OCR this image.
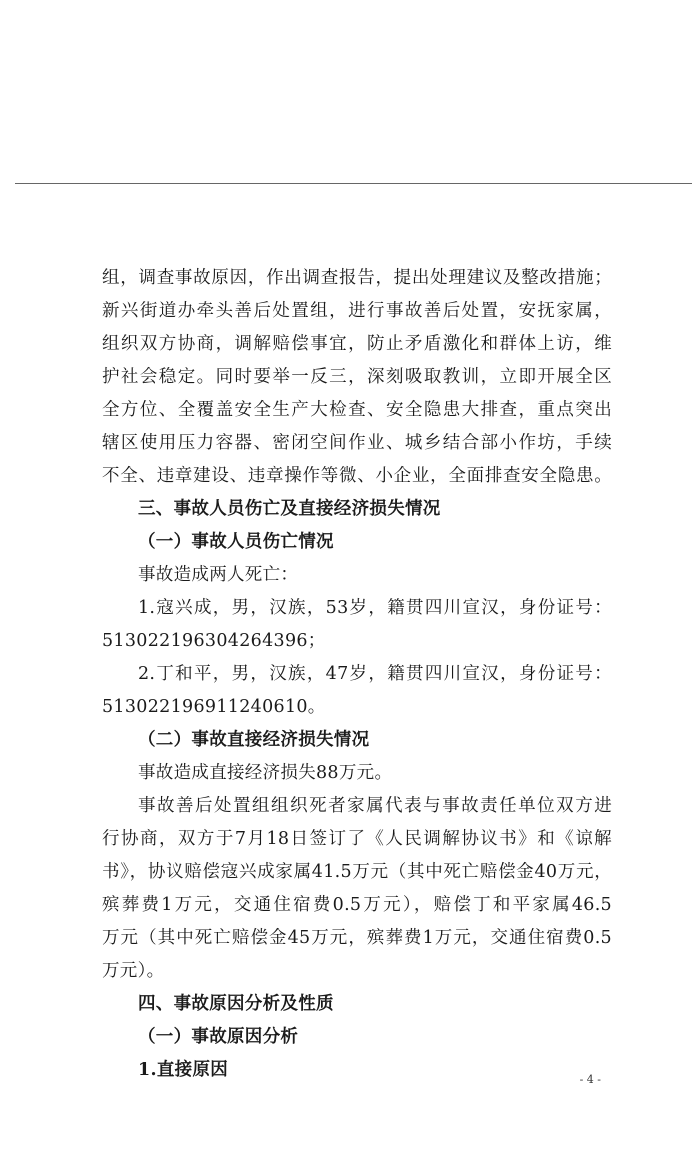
组，调查事故原因，作出调查报告，提出处理建议及整改措施；
新兴街道办牵头善后处置组，进行事故善后处置，安抚家属，
组织双方协商，调解赔偿事宜，防止矛盾激化和群体上访，维
护社会稳定。同时要举一反三，深刻吸取教训，立即开展全区
全方位、全覆盖安全生产大检查、安全隐患大排查，重点突出
辖区使用压力容器、密闭空间作业、城乡结合部小作坊，手续
不全、违章建设、违章操作等微、小企业，全面排查安全隐患。
三、事故人员伤亡及直接经济损失情况
（一）事故人员伤亡情况
事故造成两人死亡：
1.寇兴成，男，汉族，53岁，籍贯四川宣汉，身份证号：
513022196304264396；
2.丁和平，男，汉族，47岁，籍贯四川宣汉，身份证号：
513022196911240610。
（二）事故直接经济损失情况
事故造成直接经济损失88万元。
事故善后处置组组织死者家属代表与事故责任单位双方进
行协商，双方于7月18日签订了《人民调解协议书》和《谅解
书》，协议赔偿寇兴成家属41.5万元（其中死亡赔偿金40万元，
殡葬费1万元，交通住宿费0.5万元），赔偿丁和平家属46.5
万元（其中死亡赔偿金45万元，殡葬费1万元，交通住宿费0.5
万元）。
四、事故原因分析及性质
（一）事故原因分析
1.直接原因	- 4 -
